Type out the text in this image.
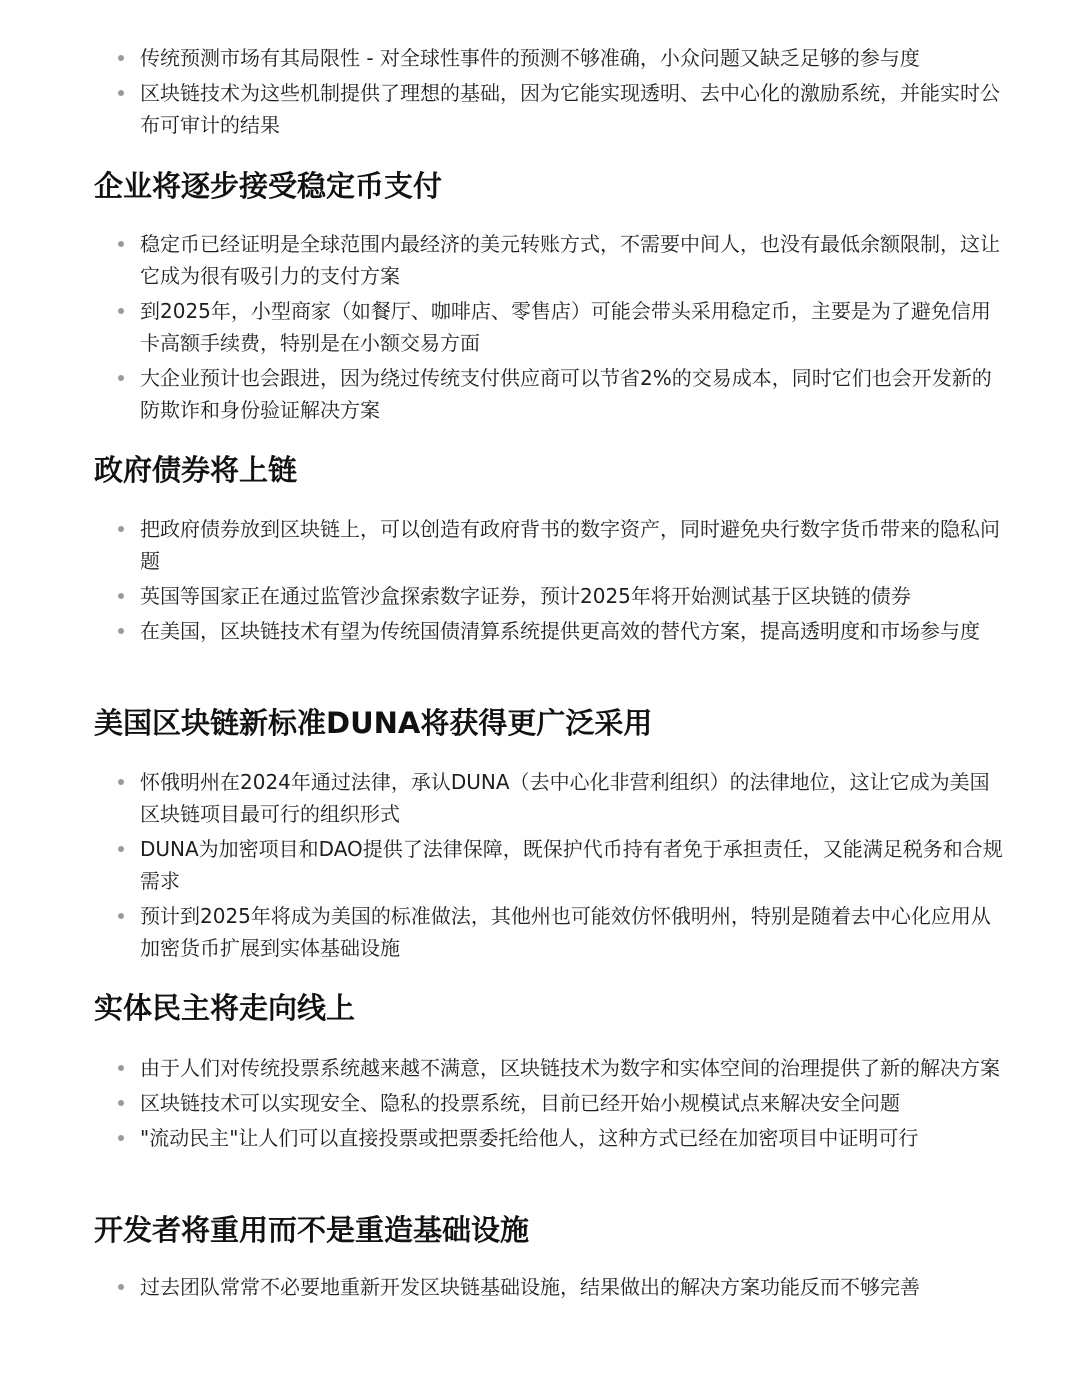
传统预测市场有其局限性 - 对全球性事件的预测不够准确，小众问题又缺乏足够的参与度
区块链技术为这些机制提供了理想的基础，因为它能实现透明、去中心化的激励系统，并能实时公布可审计的结果
企业将逐步接受稳定币支付
稳定币已经证明是全球范围内最经济的美元转账方式，不需要中间人，也没有最低余额限制，这让它成为很有吸引力的支付方案
到2025年，小型商家（如餐厅、咖啡店、零售店）可能会带头采用稳定币，主要是为了避免信用卡高额手续费，特别是在小额交易方面
大企业预计也会跟进，因为绕过传统支付供应商可以节省2%的交易成本，同时它们也会开发新的防欺诈和身份验证解决方案
政府债券将上链
把政府债券放到区块链上，可以创造有政府背书的数字资产，同时避免央行数字货币带来的隐私问题
英国等国家正在通过监管沙盒探索数字证券，预计2025年将开始测试基于区块链的债券
在美国，区块链技术有望为传统国债清算系统提供更高效的替代方案，提高透明度和市场参与度
美国区块链新标准DUNA将获得更广泛采用
怀俄明州在2024年通过法律，承认DUNA（去中心化非营利组织）的法律地位，这让它成为美国区块链项目最可行的组织形式
DUNA为加密项目和DAO提供了法律保障，既保护代币持有者免于承担责任，又能满足税务和合规需求
预计到2025年将成为美国的标准做法，其他州也可能效仿怀俄明州，特别是随着去中心化应用从加密货币扩展到实体基础设施
实体民主将走向线上
由于人们对传统投票系统越来越不满意，区块链技术为数字和实体空间的治理提供了新的解决方案
区块链技术可以实现安全、隐私的投票系统，目前已经开始小规模试点来解决安全问题
"流动民主"让人们可以直接投票或把票委托给他人，这种方式已经在加密项目中证明可行
开发者将重用而不是重造基础设施
过去团队常常不必要地重新开发区块链基础设施，结果做出的解决方案功能反而不够完善
